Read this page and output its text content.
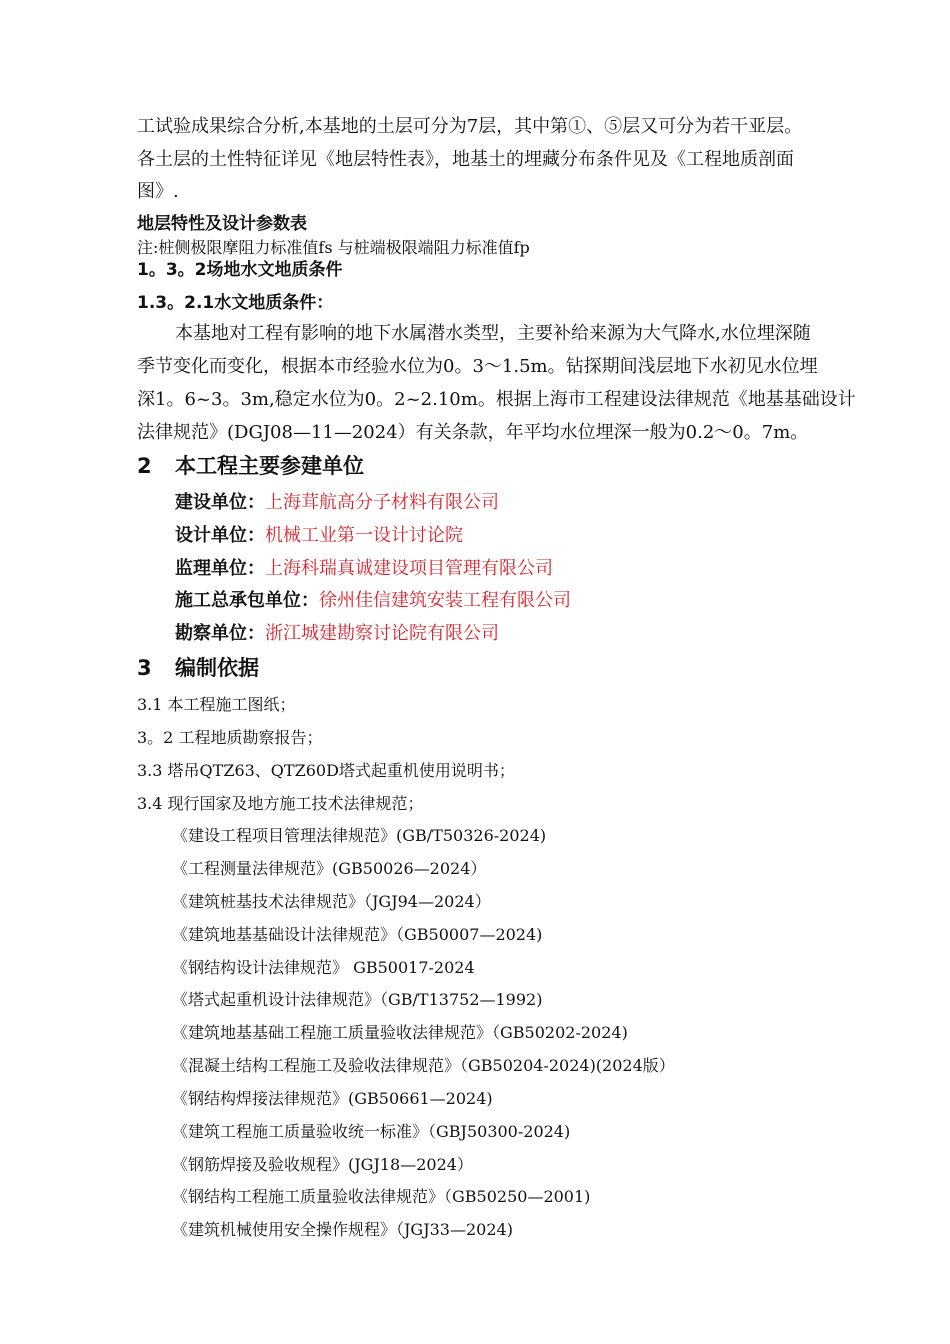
工试验成果综合分析,本基地的土层可分为7层，其中第①、⑤层又可分为若干亚层。
各土层的土性特征详见《地层特性表》，地基土的埋藏分布条件见及《工程地质剖面
图》.
地层特性及设计参数表
注:桩侧极限摩阻力标准值fs 与桩端极限端阻力标准值fp
1。3。2场地水文地质条件
1.3。2.1水文地质条件：
本基地对工程有影响的地下水属潜水类型，主要补给来源为大气降水,水位埋深随
季节变化而变化，根据本市经验水位为0。3～1.5m。钻探期间浅层地下水初见水位埋
深1。6~3。3m,稳定水位为0。2~2.10m。根据上海市工程建设法律规范《地基基础设计
法律规范》(DGJ08—11—2024）有关条款，年平均水位埋深一般为0.2～0。7m。
2 本工程主要参建单位
建设单位：上海茸航高分子材料有限公司
设计单位：机械工业第一设计讨论院
监理单位：上海科瑞真诚建设项目管理有限公司
施工总承包单位：徐州佳信建筑安装工程有限公司
勘察单位：浙江城建勘察讨论院有限公司
3 编制依据
3.1 本工程施工图纸；
3。2 工程地质勘察报告；
3.3 塔吊QTZ63、QTZ60D塔式起重机使用说明书；
3.4 现行国家及地方施工技术法律规范；
《建设工程项目管理法律规范》(GB/T50326-2024)
《工程测量法律规范》(GB50026—2024）
《建筑桩基技术法律规范》（JGJ94—2024）
《建筑地基基础设计法律规范》（GB50007—2024)
《钢结构设计法律规范》 GB50017-2024
《塔式起重机设计法律规范》（GB/T13752—1992)
《建筑地基基础工程施工质量验收法律规范》（GB50202-2024)
《混凝土结构工程施工及验收法律规范》（GB50204-2024)(2024版）
《钢结构焊接法律规范》(GB50661—2024)
《建筑工程施工质量验收统一标准》（GBJ50300-2024)
《钢筋焊接及验收规程》(JGJ18—2024）
《钢结构工程施工质量验收法律规范》（GB50250—2001)
《建筑机械使用安全操作规程》（JGJ33—2024)
